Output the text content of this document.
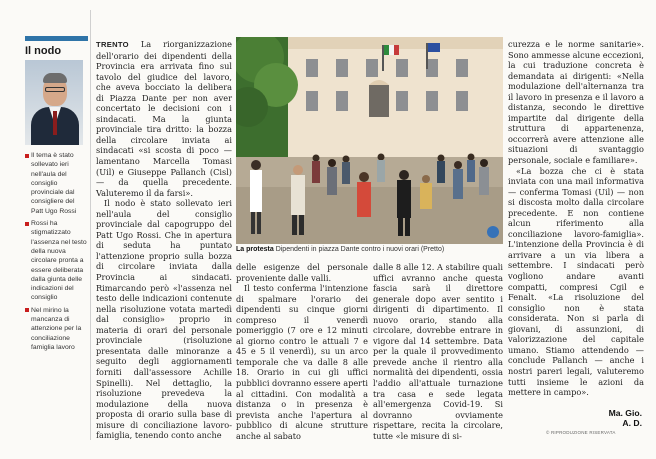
Il nodo
Il tema è stato sollevato ieri nell'aula del consiglio provinciale dal consigliere del Patt Ugo Rossi
Rossi ha stigmatizzato l'assenza nel testo della nuova circolare pronta a essere deliberata dalla giunta delle indicazioni del consiglio
Nel mirino la mancanza di attenzione per la conciliazione famiglia lavoro

TRENTO La riorganizzazione dell'orario dei dipendenti della Provincia era arrivata fino sul tavolo del giudice del lavoro, che aveva bocciato la delibera di Piazza Dante per non aver concertato le decisioni con i sindacati. Ma la giunta provinciale tira dritto: la bozza della circolare inviata ai sindacati «si scosta di poco — lamentano Marcella Tomasi (Uil) e Giuseppe Pallanch (Cisl) — da quella precedente. Valuteremo il da farsi».

Il nodo è stato sollevato ieri nell'aula del consiglio provinciale dal capogruppo del Patt Ugo Rossi. Che in apertura di seduta ha puntato l'attenzione proprio sulla bozza di circolare inviata dalla Provincia ai sindacati. Rimarcando però «l'assenza nel testo delle indicazioni contenute nella risoluzione votata martedì dal consiglio» proprio in materia di orari del personale provinciale (risoluzione presentata dalle minoranze a seguito degli aggiornamenti forniti dall'assessore Achille Spinelli). Nel dettaglio, la risoluzione prevedeva la modulazione della nuova proposta di orario sulla base di misure di conciliazione lavoro-famiglia, tenendo conto anche

La protesta Dipendenti in piazza Dante contro i nuovi orari (Pretto)

delle esigenze del personale proveniente dalle valli.

Il testo conferma l'intenzione di spalmare l'orario dei dipendenti su cinque giorni compreso il venerdì pomeriggio (7 ore e 12 minuti al giorno contro le attuali 7 e 45 e 5 il venerdì), su un arco temporale che va dalle 8 alle 18. Orario in cui gli uffici pubblici dovranno essere aperti al cittadini. Con modalità a distanza o in presenza è prevista anche l'apertura al pubblico di alcune strutture anche al sabato

dalle 8 alle 12. A stabilire quali uffici avranno anche questa fascia sarà il direttore generale dopo aver sentito i dirigenti di dipartimento. Il nuovo orario, stando alla circolare, dovrebbe entrare in vigore dal 14 settembre. Data per la quale il provvedimento prevede anche il rientro alla normalità dei dipendenti, ossia l'addio all'attuale turnazione tra casa e sede legata all'emergenza Covid-19. Si dovranno ovviamente rispettare, recita la circolare, tutte «le misure di si-

curezza e le norme sanitarie». Sono ammesse alcune eccezioni, la cui traduzione concreta è demandata ai dirigenti: «Nella modulazione dell'alternanza tra il lavoro in presenza e il lavoro a distanza, secondo le direttive impartite dal dirigente della struttura di appartenenza, occorrerà avere attenzione alle situazioni di svantaggio personale, sociale e familiare».

«La bozza che ci è stata inviata con una mail informativa — conferma Tomasi (Uil) — non si discosta molto dalla circolare precedente. E non contiene alcun riferimento alla conciliazione lavoro-famiglia». L'intenzione della Provincia è di arrivare a un via libera a settembre. I sindacati però vogliono andare avanti compatti, compresi Cgil e Fenalt. «La risoluzione del consiglio non è stata considerata. Non si parla di giovani, di assunzioni, di valorizzazione del capitale umano. Stiamo attendendo — conclude Pallanch — anche i nostri pareri legali, valuteremo tutti insieme le azioni da mettere in campo».

Ma. Gio.
A. D.
© RIPRODUZIONE RISERVATA
